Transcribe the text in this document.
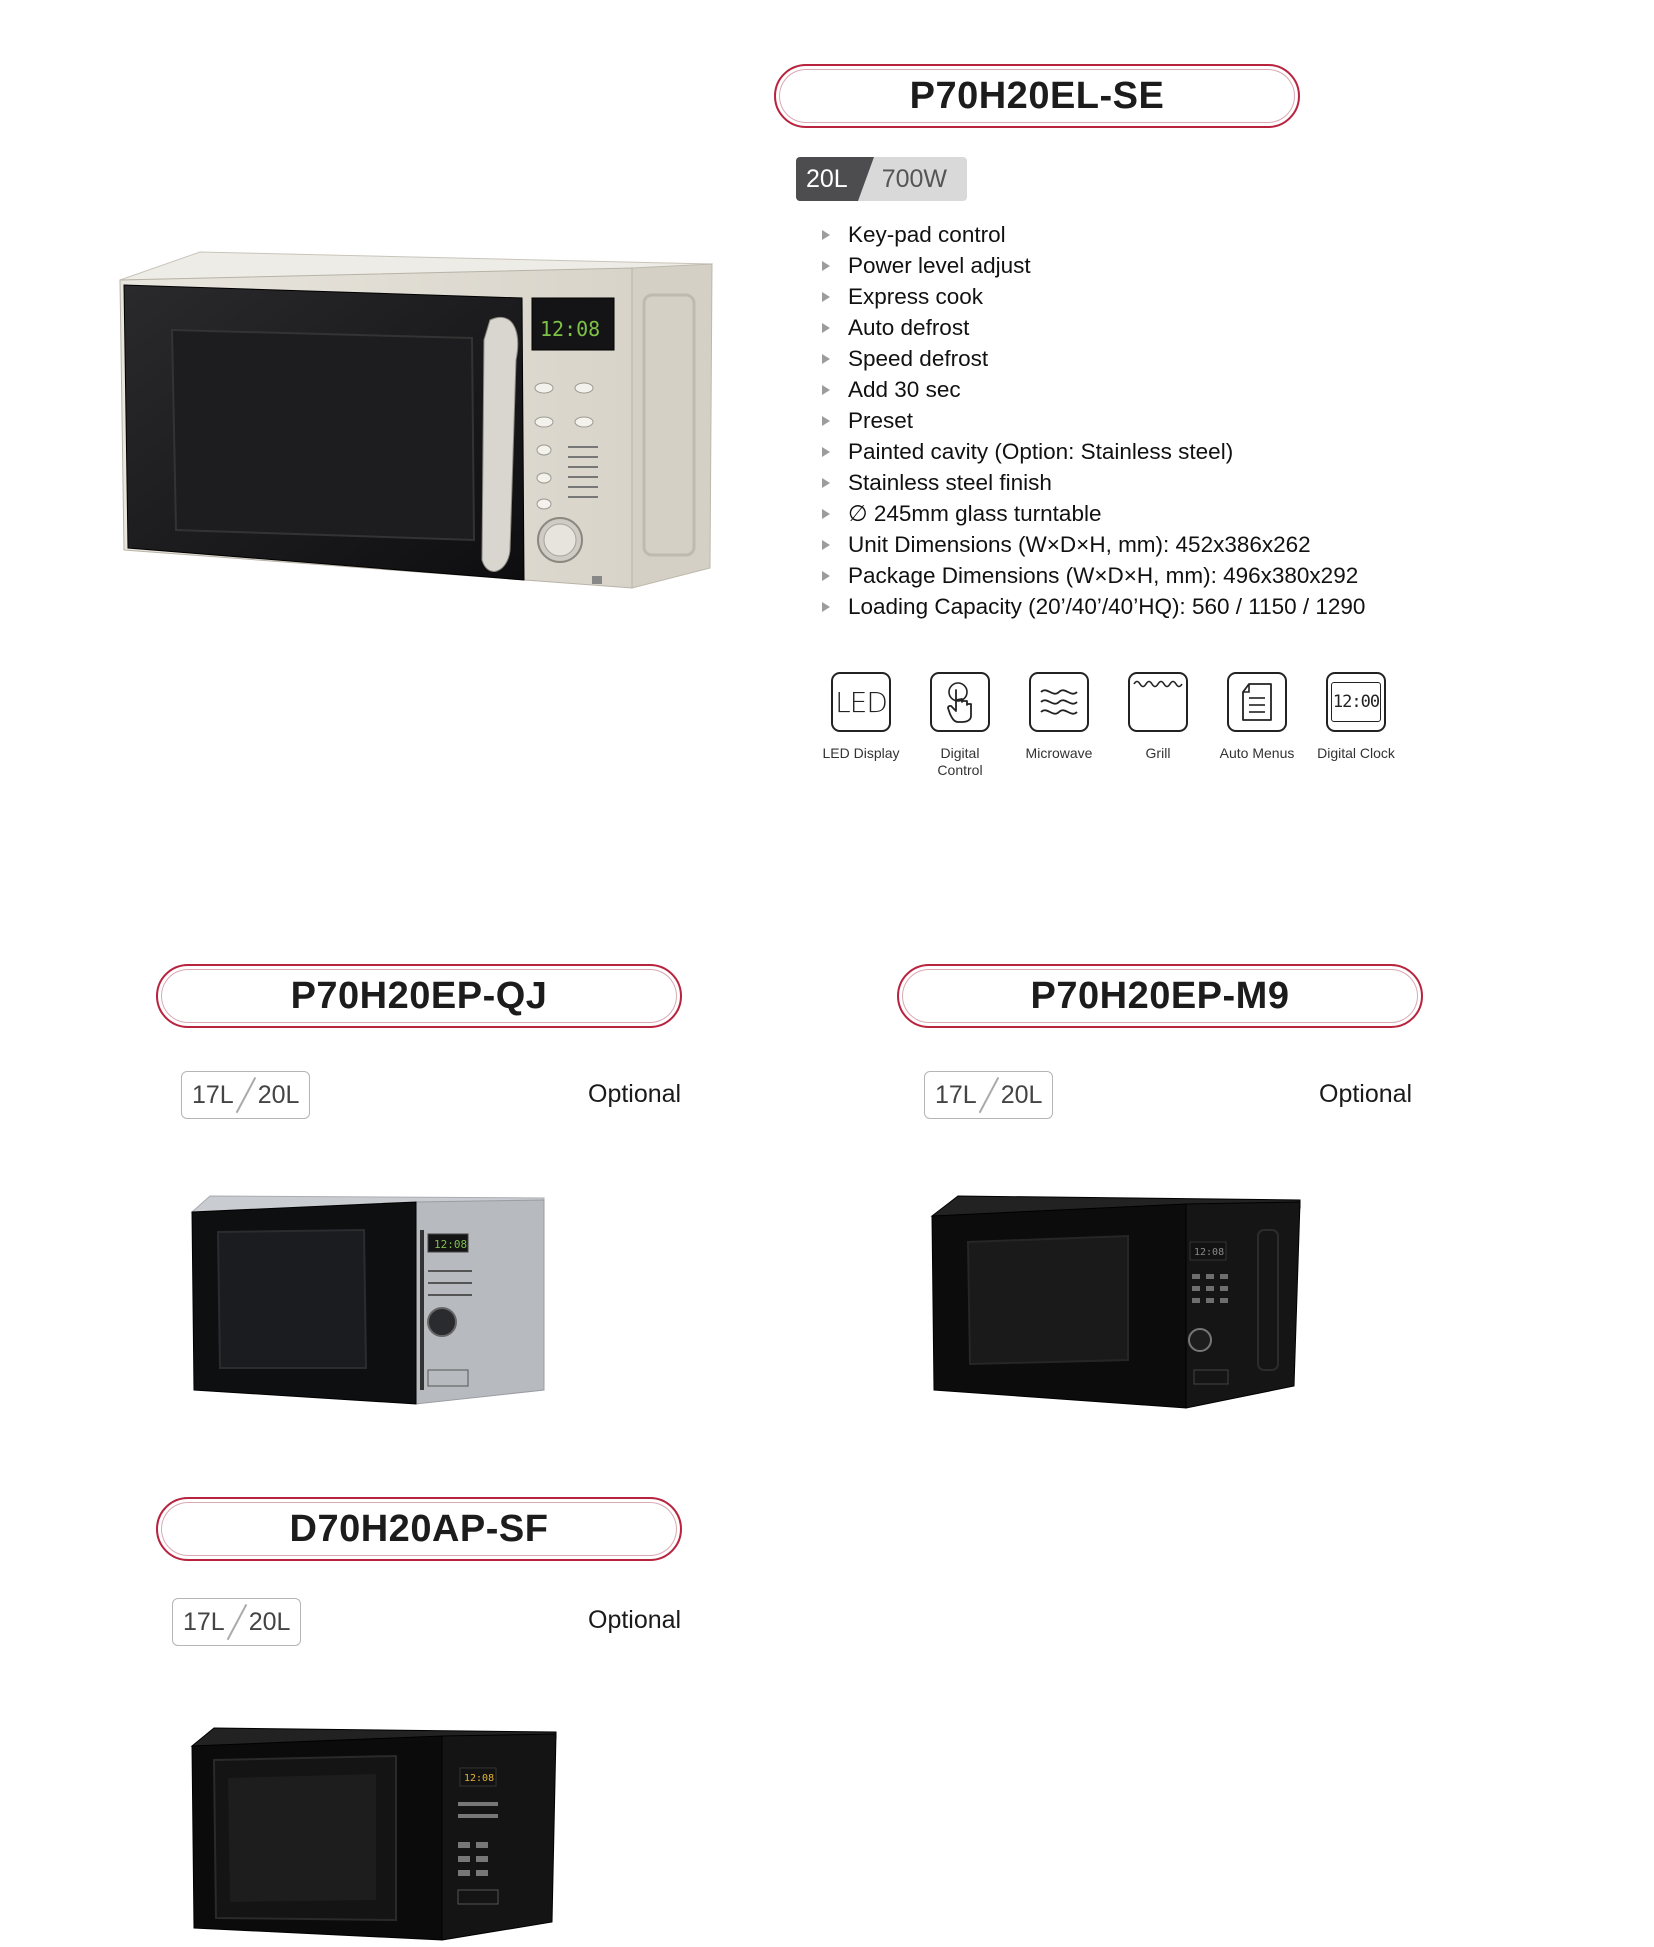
12:08
P70H20EL-SE
20L	700W
Key-pad control
Power level adjust
Express cook
Auto defrost
Speed defrost
Add 30 sec
Preset
Painted cavity (Option: Stainless steel)
Stainless steel finish
∅ 245mm glass turntable
Unit Dimensions (W×D×H, mm): 452x386x262
Package Dimensions (W×D×H, mm): 496x380x292
Loading Capacity (20’/40’/40’HQ): 560 / 1150 / 1290
LED
LED Display	Digital Control
Microwave	Grill	Auto Menus
12:00
Digital Clock
P70H20EP-QJ
17L 20L	Optional
12:08
P70H20EP-M9
17L 20L	Optional
12:08
D70H20AP-SF
17L 20L	Optional
12:08
